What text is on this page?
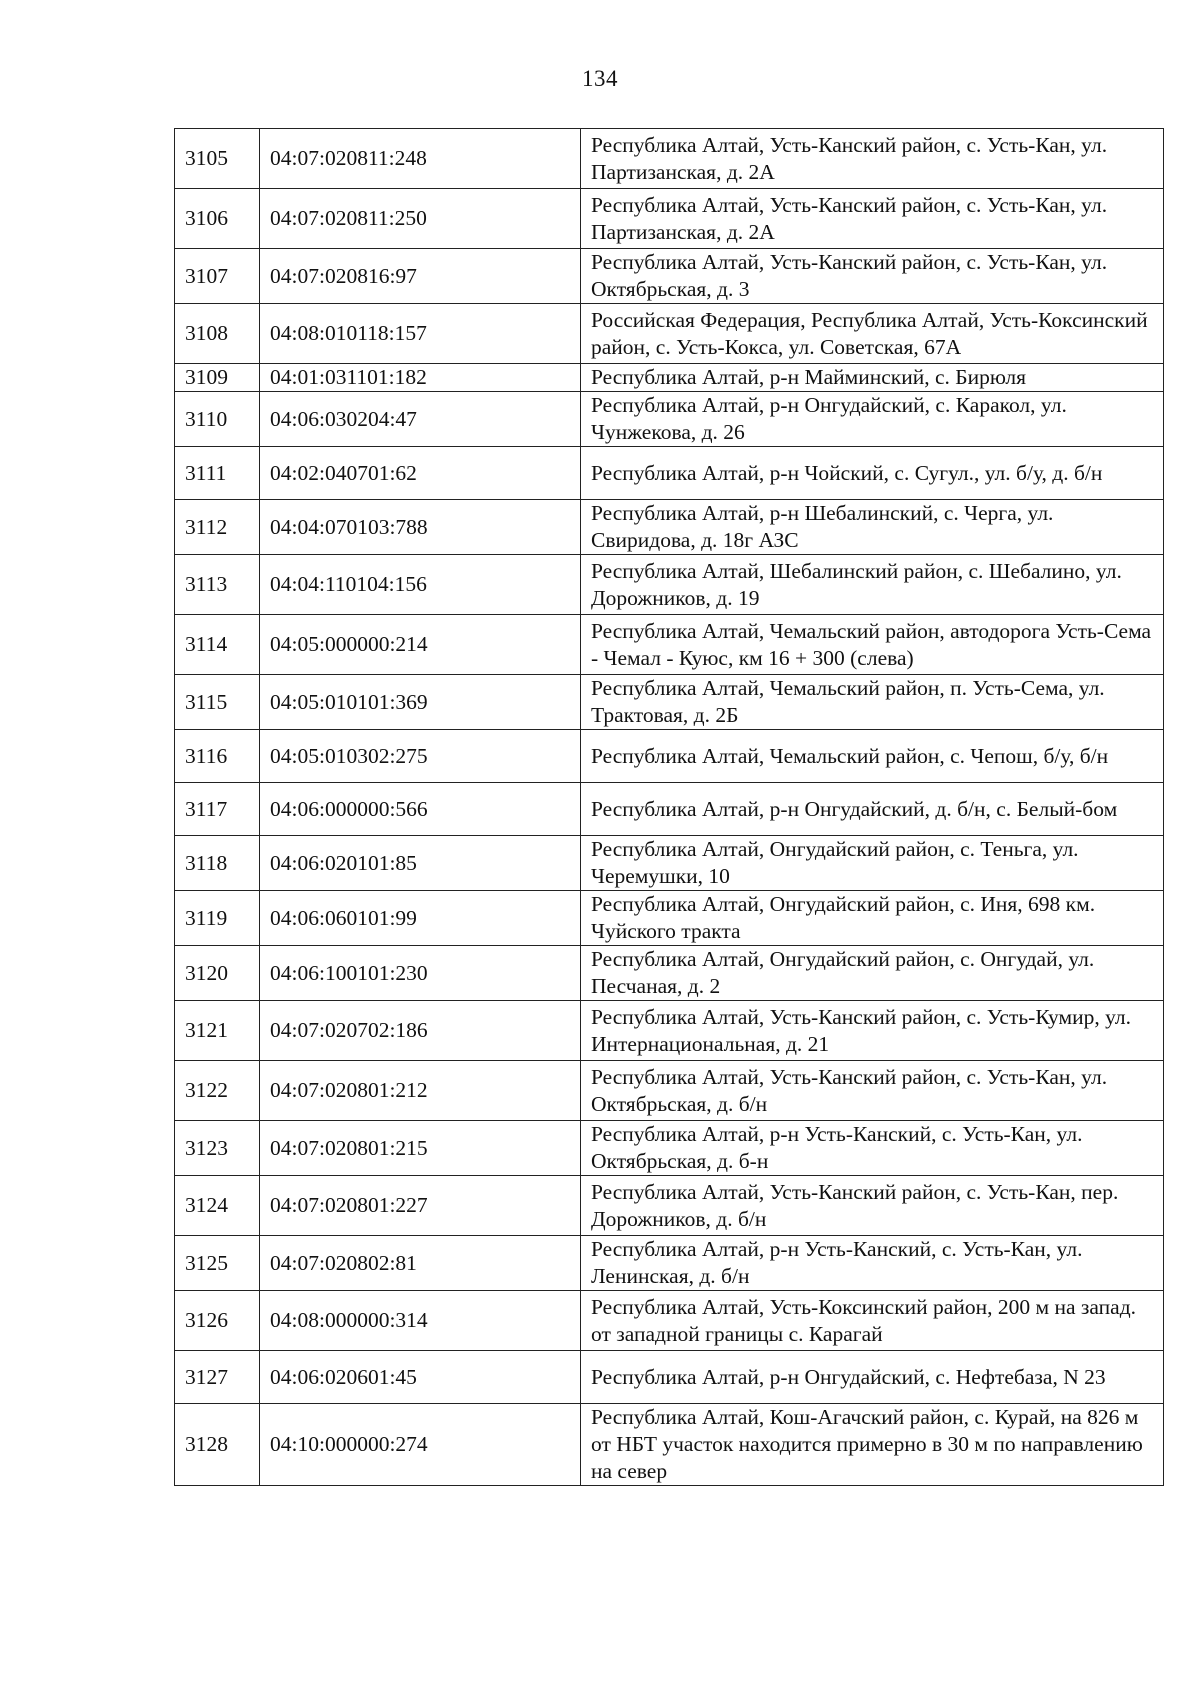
134
3105	04:07:020811:248	Республика Алтай, Усть-Канский район, с. Усть-Кан, ул. Партизанская, д. 2А
3106	04:07:020811:250	Республика Алтай, Усть-Канский район, с. Усть-Кан, ул. Партизанская, д. 2А
3107	04:07:020816:97	Республика Алтай, Усть-Канский район, с. Усть-Кан, ул. Октябрьская, д. 3
3108	04:08:010118:157	Российская Федерация, Республика Алтай, Усть-Коксинский район, с. Усть-Кокса, ул. Советская, 67А
3109	04:01:031101:182	Республика Алтай, р-н Майминский, с. Бирюля
3110	04:06:030204:47	Республика Алтай, р-н Онгудайский, с. Каракол, ул. Чунжекова, д. 26
3111	04:02:040701:62	Республика Алтай, р-н Чойский, с. Сугул., ул. б/у, д. б/н
3112	04:04:070103:788	Республика Алтай, р-н Шебалинский, с. Черга, ул. Свиридова, д. 18г АЗС
3113	04:04:110104:156	Республика Алтай, Шебалинский район, с. Шебалино, ул. Дорожников, д. 19
3114	04:05:000000:214	Республика Алтай, Чемальский район, автодорога Усть-Сема - Чемал - Куюс, км 16 + 300 (слева)
3115	04:05:010101:369	Республика Алтай, Чемальский район, п. Усть-Сема, ул. Трактовая, д. 2Б
3116	04:05:010302:275	Республика Алтай, Чемальский район, с. Чепош, б/у, б/н
3117	04:06:000000:566	Республика Алтай, р-н Онгудайский, д. б/н, с. Белый-бом
3118	04:06:020101:85	Республика Алтай, Онгудайский район, с. Теньга, ул. Черемушки, 10
3119	04:06:060101:99	Республика Алтай, Онгудайский район, с. Иня, 698 км. Чуйского тракта
3120	04:06:100101:230	Республика Алтай, Онгудайский район, с. Онгудай, ул. Песчаная, д. 2
3121	04:07:020702:186	Республика Алтай, Усть-Канский район, с. Усть-Кумир, ул. Интернациональная, д. 21
3122	04:07:020801:212	Республика Алтай, Усть-Канский район, с. Усть-Кан, ул. Октябрьская, д. б/н
3123	04:07:020801:215	Республика Алтай, р-н Усть-Канский, с. Усть-Кан, ул. Октябрьская, д. б-н
3124	04:07:020801:227	Республика Алтай, Усть-Канский район, с. Усть-Кан, пер. Дорожников, д. б/н
3125	04:07:020802:81	Республика Алтай, р-н Усть-Канский, с. Усть-Кан, ул. Ленинская, д. б/н
3126	04:08:000000:314	Республика Алтай, Усть-Коксинский район, 200 м на запад. от западной границы с. Карагай
3127	04:06:020601:45	Республика Алтай, р-н Онгудайский, с. Нефтебаза, N 23
3128	04:10:000000:274	Республика Алтай, Кош-Агачский район, с. Курай, на 826 м от НБТ участок находится примерно в 30 м по направлению на север
